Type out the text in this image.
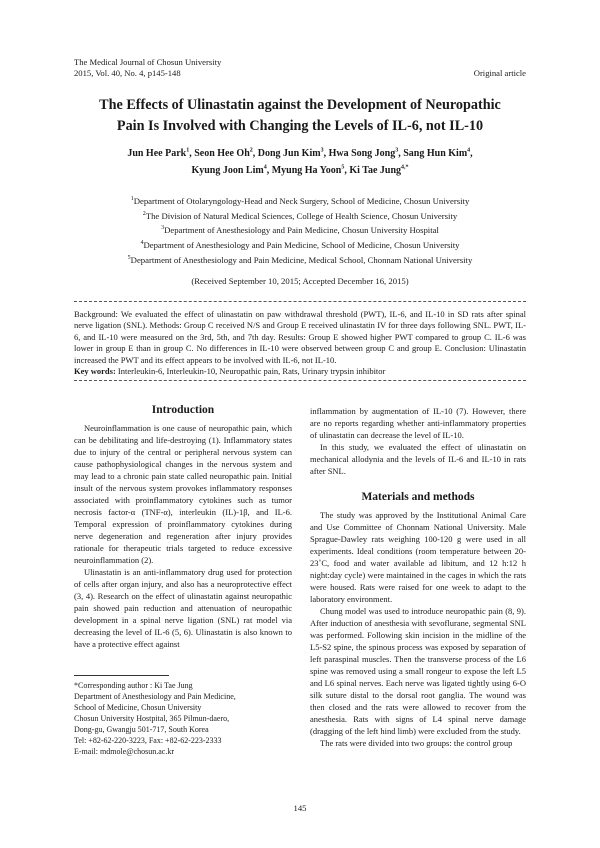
The Medical Journal of Chosun University
2015, Vol. 40, No. 4, p145-148	Original article
The Effects of Ulinastatin against the Development of Neuropathic
Pain Is Involved with Changing the Levels of IL-6, not IL-10
Jun Hee Park$^1$, Seon Hee Oh$^2$, Dong Jun Kim$^3$, Hwa Song Jong$^3$, Sang Hun Kim$^4$,
Kyung Joon Lim$^4$, Myung Ha Yoon$^5$, Ki Tae Jung$^{4,*}$
$^1$Department of Otolaryngology-Head and Neck Surgery, School of Medicine, Chosun University
$^2$The Division of Natural Medical Sciences, College of Health Science, Chosun University
$^3$Department of Anesthesiology and Pain Medicine, Chosun University Hospital
$^4$Department of Anesthesiology and Pain Medicine, School of Medicine, Chosun University
$^5$Department of Anesthesiology and Pain Medicine, Medical School, Chonnam National University
(Received September 10, 2015; Accepted December 16, 2015)

Background: We evaluated the effect of ulinastatin on paw withdrawal threshold (PWT), IL-6, and IL-10 in SD rats after spinal nerve ligation (SNL). Methods: Group C received N/S and Group E received ulinastatin IV for three days following SNL. PWT, IL-6, and IL-10 were measured on the 3rd, 5th, and 7th day. Results: Group E showed higher PWT compared to group C. IL-6 was lower in group E than in group C. No differences in IL-10 were observed between group C and group E. Conclusion: Ulinastatin increased the PWT and its effect appears to be involved with IL-6, not IL-10.

Key words: Interleukin-6, Interleukin-10, Neuropathic pain, Rats, Urinary trypsin inhibitor

Introduction

Neuroinflammation is one cause of neuropathic pain, which can be debilitating and life-destroying (1). Inflammatory states due to injury of the central or peripheral nervous system can cause pathophysiological changes in the nervous system and may lead to a chronic pain state called neuropathic pain. Initial insult of the nervous system provokes inflammatory responses associated with proinflammatory cytokines such as tumor necrosis factor-α (TNF-α), interleukin (IL)-1β, and IL-6. Temporal expression of proinflammatory cytokines during nerve degeneration and regeneration after injury provides rationale for therapeutic trials targeted to reduce excessive neuroinflammation (2).

Ulinastatin is an anti-inflammatory drug used for protection of cells after organ injury, and also has a neuroprotective effect (3, 4). Research on the effect of ulinastatin against neuropathic pain showed pain reduction and attenuation of neuropathic development in a spinal nerve ligation (SNL) rat model via decreasing the level of IL-6 (5, 6). Ulinastatin is also known to have a protective effect against

inflammation by augmentation of IL-10 (7). However, there are no reports regarding whether anti-inflammatory properties of ulinastatin can decrease the level of IL-10.

In this study, we evaluated the effect of ulinastatin on mechanical allodynia and the levels of IL-6 and IL-10 in rats after SNL.

Materials and methods

The study was approved by the Institutional Animal Care and Use Committee of Chonnam National University. Male Sprague-Dawley rats weighing 100-120 g were used in all experiments. Ideal conditions (room temperature between 20-23˚C, food and water available ad libitum, and 12 h:12 h night:day cycle) were maintained in the cages in which the rats were housed. Rats were raised for one week to adapt to the laboratory environment.

Chung model was used to introduce neuropathic pain (8, 9). After induction of anesthesia with sevoflurane, segmental SNL was performed. Following skin incision in the midline of the L5-S2 spine, the spinous process was exposed by separation of left paraspinal muscles. Then the transverse process of the L6 spine was removed using a small rongeur to expose the left L5 and L6 spinal nerves. Each nerve was ligated tightly using 6-O silk suture distal to the dorsal root ganglia. The wound was then closed and the rats were allowed to recover from the anesthesia. Rats with signs of L4 spinal nerve damage (dragging of the left hind limb) were excluded from the study.

The rats were divided into two groups: the control group

*Corresponding author : Ki Tae Jung
Department of Anesthesiology and Pain Medicine,
School of Medicine, Chosun University
Chosun University Hostpital, 365 Pilmun-daero,
Dong-gu, Gwangju 501-717, South Korea
Tel: +82-62-220-3223, Fax: +82-62-223-2333
E-mail: mdmole@chosun.ac.kr
145
